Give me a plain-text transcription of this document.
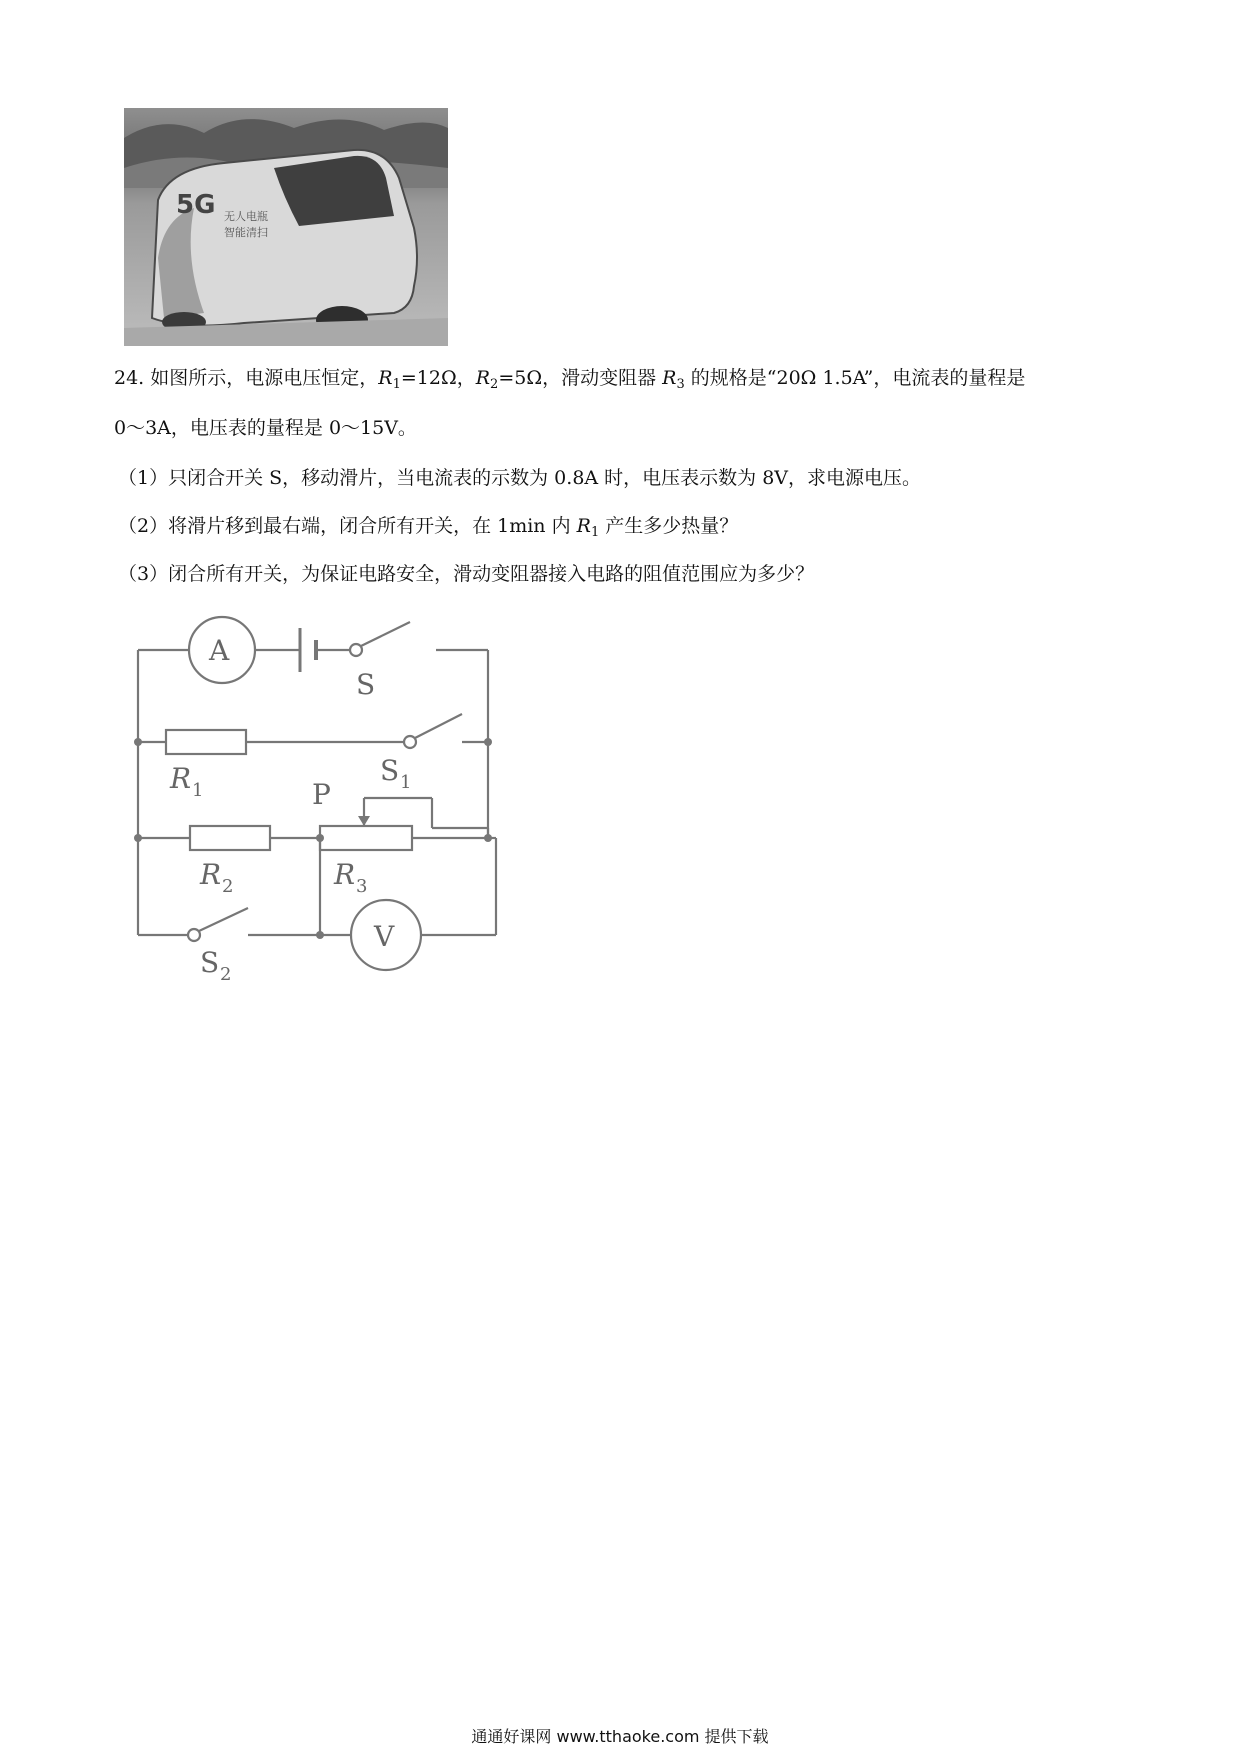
5G 无人电瓶
智能清扫
24. 如图所示，电源电压恒定，$R_1=12\Omega$，$R_2=5\Omega$，滑动变阻器 $R_3$ 的规格是“20Ω 1.5A”，电流表的量程是
0～3A，电压表的量程是 0～15V。
（1）只闭合开关 S，移动滑片，当电流表的示数为 0.8A 时，电压表示数为 8V，求电源电压。
（2）将滑片移到最右端，闭合所有开关，在 1min 内 $R_1$ 产生多少热量？
（3）闭合所有开关，为保证电路安全，滑动变阻器接入电路的阻值范围应为多少？
A
V
S
S 1
S 2
R 1
R 2	R 3
P
通通好课网 www.tthaoke.com 提供下载
